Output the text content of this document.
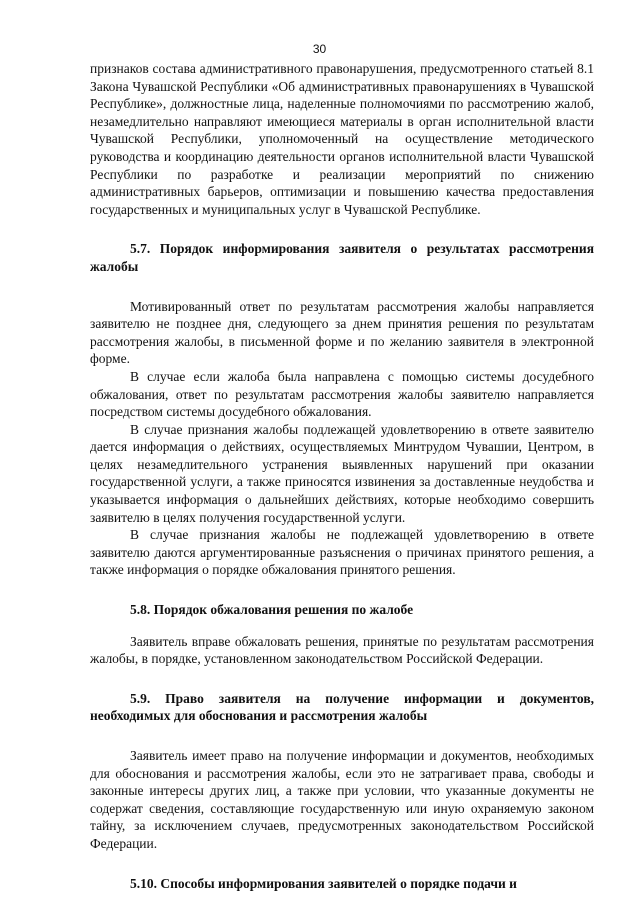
30

признаков состава административного правонарушения, предусмотренного статьей 8.1 Закона Чувашской Республики «Об административных правонарушениях в Чувашской Республике», должностные лица, наделенные полномочиями по рассмотрению жалоб, незамедлительно направляют имеющиеся материалы в орган исполнительной власти Чувашской Республики, уполномоченный на осуществление методического руководства и координацию деятельности органов исполнительной власти Чувашской Республики по разработке и реализации мероприятий по снижению административных барьеров, оптимизации и повышению качества предоставления государственных и муниципальных услуг в Чувашской Республике.

5.7. Порядок информирования заявителя о результатах рассмотрения жалобы

Мотивированный ответ по результатам рассмотрения жалобы направляется заявителю не позднее дня, следующего за днем принятия решения по результатам рассмотрения жалобы, в письменной форме и по желанию заявителя в электронной форме.

В случае если жалоба была направлена с помощью системы досудебного обжалования, ответ по результатам рассмотрения жалобы заявителю направляется посредством системы досудебного обжалования.

В случае признания жалобы подлежащей удовлетворению в ответе заявителю дается информация о действиях, осуществляемых Минтрудом Чувашии, Центром, в целях незамедлительного устранения выявленных нарушений при оказании государственной услуги, а также приносятся извинения за доставленные неудобства и указывается информация о дальнейших действиях, которые необходимо совершить заявителю в целях получения государственной услуги.

В случае признания жалобы не подлежащей удовлетворению в ответе заявителю даются аргументированные разъяснения о причинах принятого решения, а также информация о порядке обжалования принятого решения.

5.8. Порядок обжалования решения по жалобе

Заявитель вправе обжаловать решения, принятые по результатам рассмотрения жалобы, в порядке, установленном законодательством Российской Федерации.

5.9. Право заявителя на получение информации и документов, необходимых для обоснования и рассмотрения жалобы

Заявитель имеет право на получение информации и документов, необходимых для обоснования и рассмотрения жалобы, если это не затрагивает права, свободы и законные интересы других лиц, а также при условии, что указанные документы не содержат сведения, составляющие государственную или иную охраняемую законом тайну, за исключением случаев, предусмотренных законодательством Российской Федерации.

5.10. Способы информирования заявителей о порядке подачи и
